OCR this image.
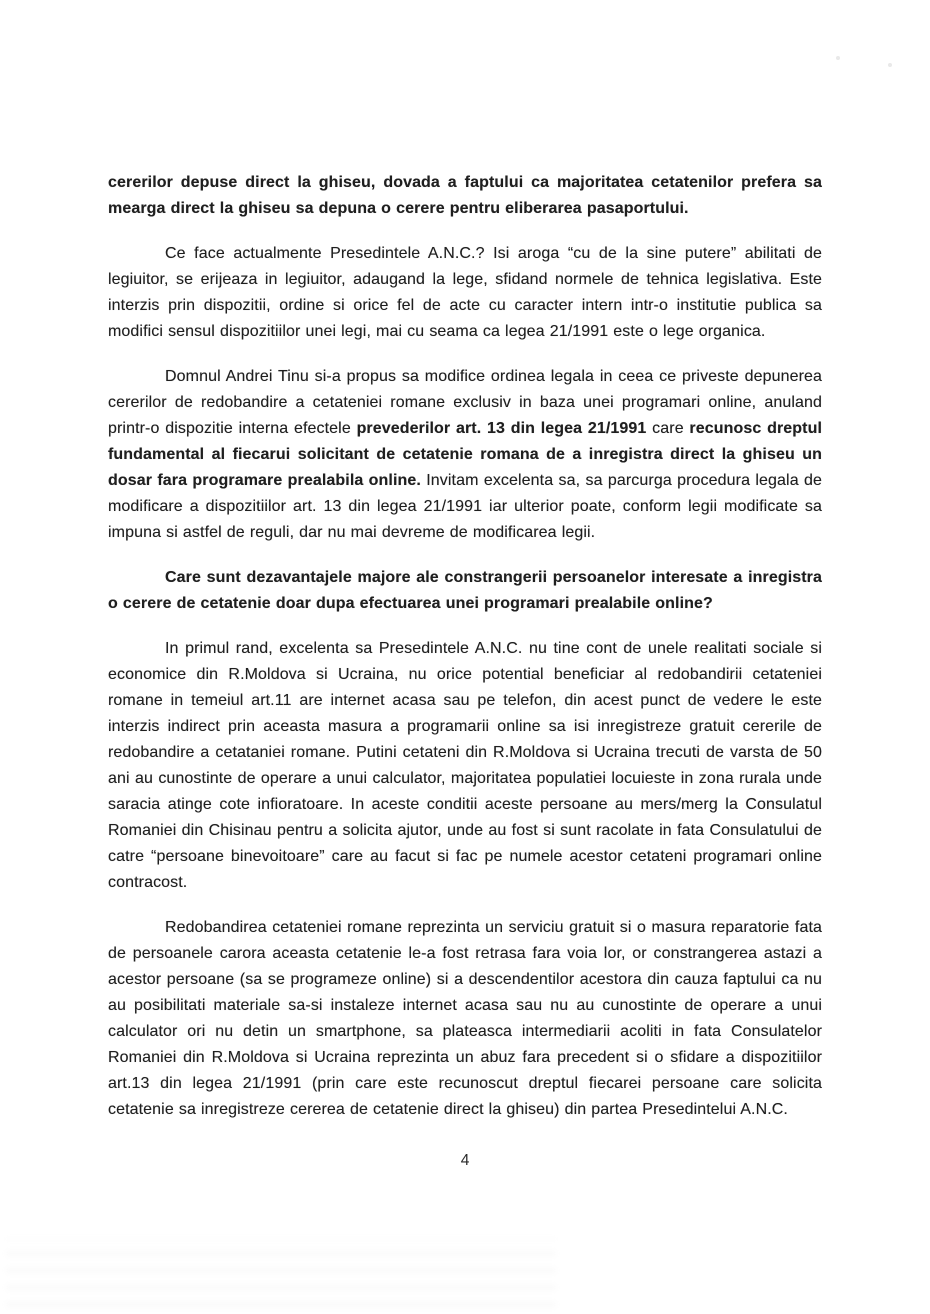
cererilor depuse direct la ghiseu, dovada a faptului ca majoritatea cetatenilor prefera sa mearga direct la ghiseu sa depuna o cerere pentru eliberarea pasaportului.

Ce face actualmente Presedintele A.N.C.? Isi aroga “cu de la sine putere” abilitati de legiuitor, se erijeaza in legiuitor, adaugand la lege, sfidand normele de tehnica legislativa. Este interzis prin dispozitii, ordine si orice fel de acte cu caracter intern intr-o institutie publica sa modifici sensul dispozitiilor unei legi, mai cu seama ca legea 21/1991 este o lege organica.

Domnul Andrei Tinu si-a propus sa modifice ordinea legala in ceea ce priveste depunerea cererilor de redobandire a cetateniei romane exclusiv in baza unei programari online, anuland printr-o dispozitie interna efectele prevederilor art. 13 din legea 21/1991 care recunosc dreptul fundamental al fiecarui solicitant de cetatenie romana de a inregistra direct la ghiseu un dosar fara programare prealabila online. Invitam excelenta sa, sa parcurga procedura legala de modificare a dispozitiilor art. 13 din legea 21/1991 iar ulterior poate, conform legii modificate sa impuna si astfel de reguli, dar nu mai devreme de modificarea legii.

Care sunt dezavantajele majore ale constrangerii persoanelor interesate a inregistra o cerere de cetatenie doar dupa efectuarea unei programari prealabile online?

In primul rand, excelenta sa Presedintele A.N.C. nu tine cont de unele realitati sociale si economice din R.Moldova si Ucraina, nu orice potential beneficiar al redobandirii cetateniei romane in temeiul art.11 are internet acasa sau pe telefon, din acest punct de vedere le este interzis indirect prin aceasta masura a programarii online sa isi inregistreze gratuit cererile de redobandire a cetataniei romane. Putini cetateni din R.Moldova si Ucraina trecuti de varsta de 50 ani au cunostinte de operare a unui calculator, majoritatea populatiei locuieste in zona rurala unde saracia atinge cote infioratoare. In aceste conditii aceste persoane au mers/merg la Consulatul Romaniei din Chisinau pentru a solicita ajutor, unde au fost si sunt racolate in fata Consulatului de catre “persoane binevoitoare” care au facut si fac pe numele acestor cetateni programari online contracost.

Redobandirea cetateniei romane reprezinta un serviciu gratuit si o masura reparatorie fata de persoanele carora aceasta cetatenie le-a fost retrasa fara voia lor, or constrangerea astazi a acestor persoane (sa se programeze online) si a descendentilor acestora din cauza faptului ca nu au posibilitati materiale sa-si instaleze internet acasa sau nu au cunostinte de operare a unui calculator ori nu detin un smartphone, sa plateasca intermediarii acoliti in fata Consulatelor Romaniei din R.Moldova si Ucraina reprezinta un abuz fara precedent si o sfidare a dispozitiilor art.13 din legea 21/1991 (prin care este recunoscut dreptul fiecarei persoane care solicita cetatenie sa inregistreze cererea de cetatenie direct la ghiseu) din partea Presedintelui A.N.C.

4
